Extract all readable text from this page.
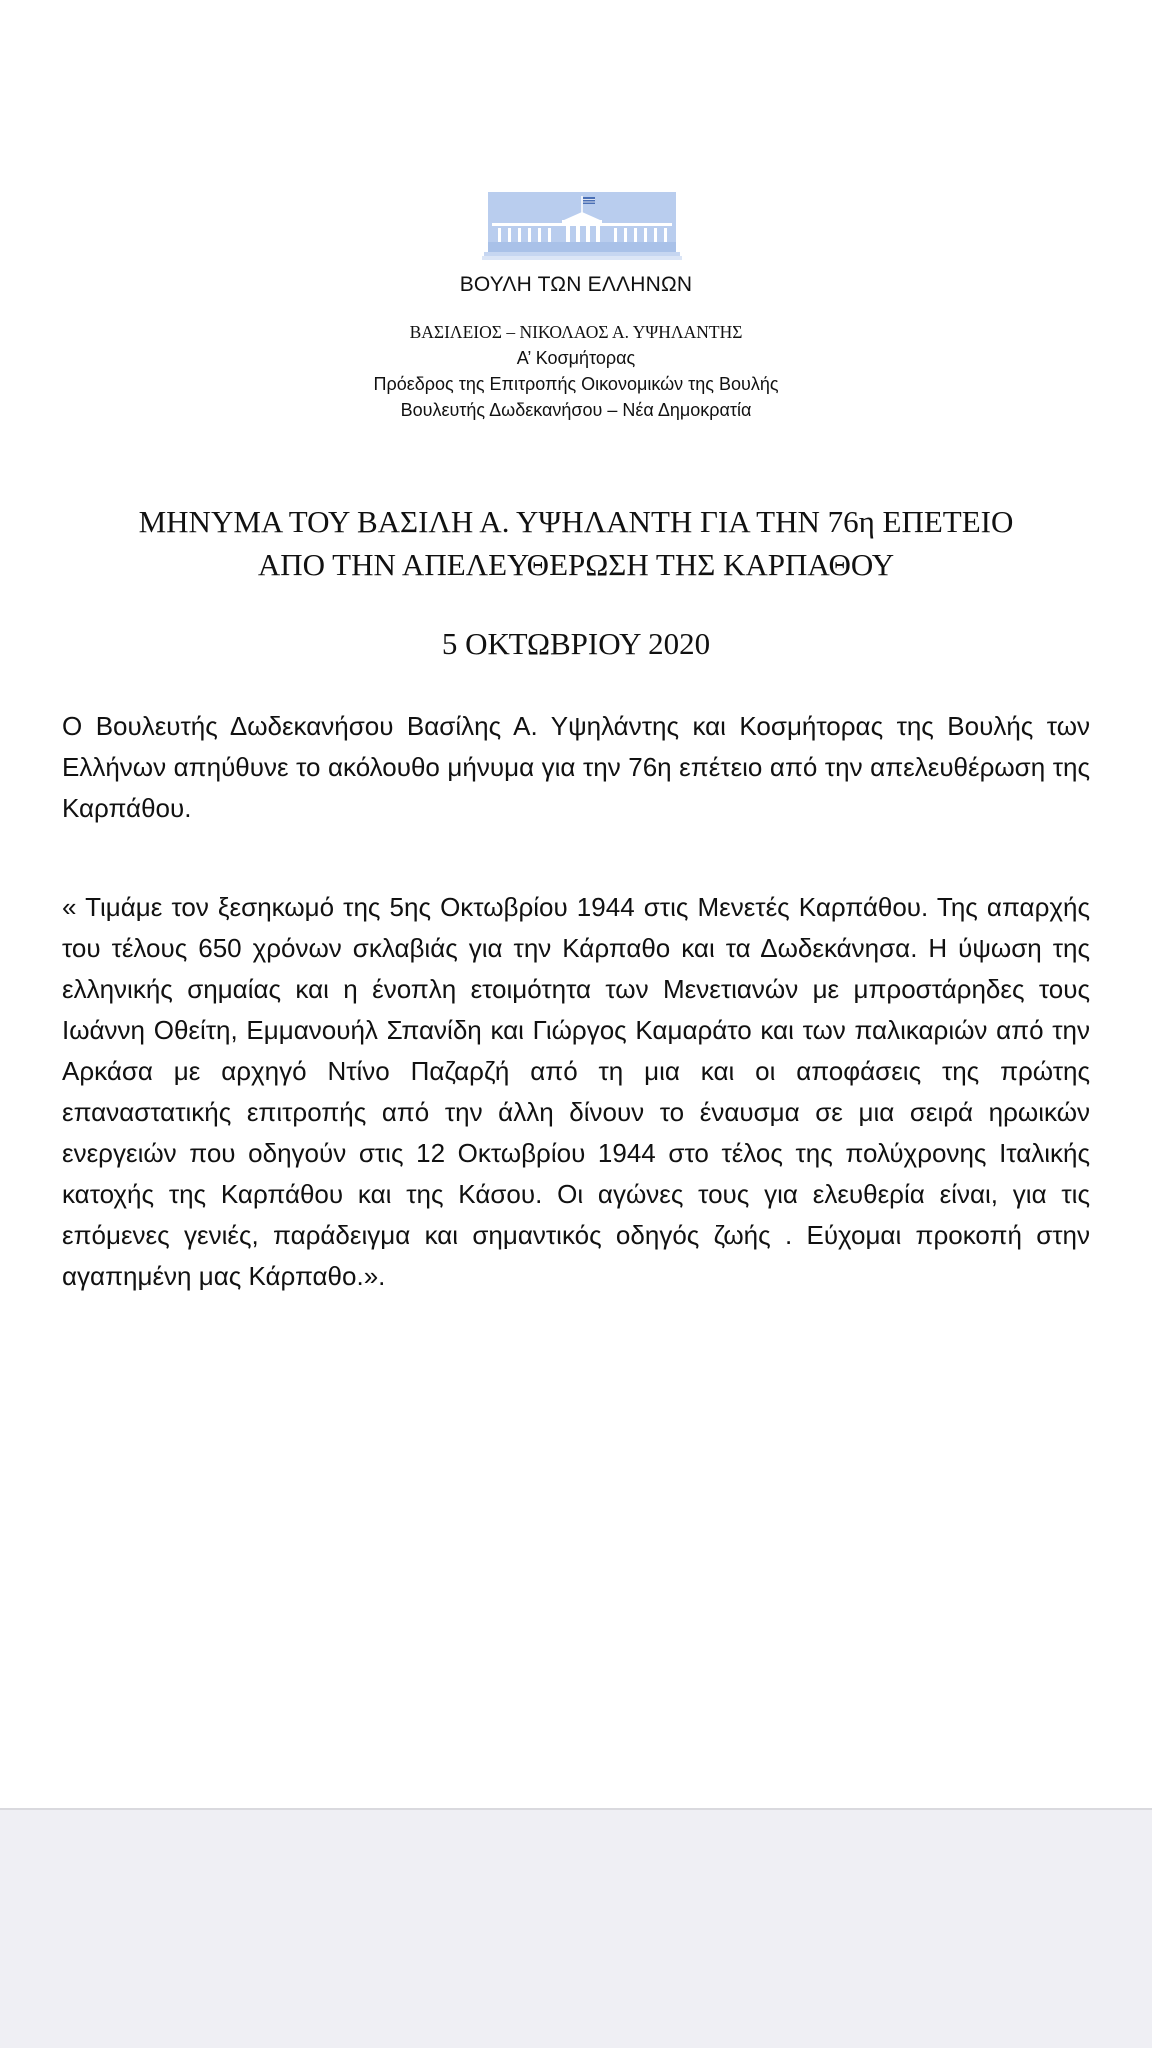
ΒΟΥΛΗ ΤΩΝ ΕΛΛΗΝΩΝ
ΒΑΣΙΛΕΙΟΣ – ΝΙΚΟΛΑΟΣ Α. ΥΨΗΛΑΝΤΗΣ
Α’ Κοσμήτορας
Πρόεδρος της Επιτροπής Οικονομικών της Βουλής
Βουλευτής Δωδεκανήσου – Νέα Δημοκρατία
ΜΗΝΥΜΑ ΤΟΥ ΒΑΣΙΛΗ Α. ΥΨΗΛΑΝΤΗ ΓΙΑ ΤΗΝ 76η ΕΠΕΤΕΙΟ
ΑΠΟ ΤΗΝ ΑΠΕΛΕΥΘΕΡΩΣΗ ΤΗΣ ΚΑΡΠΑΘΟΥ
5 ΟΚΤΩΒΡΙΟΥ 2020
Ο Βουλευτής Δωδεκανήσου Βασίλης Α. Υψηλάντης και Κοσμήτορας της Βουλής των Ελλήνων απηύθυνε το ακόλουθο μήνυμα για την 76η επέτειο από την απελευθέρωση της Καρπάθου.
« Τιμάμε τον ξεσηκωμό της 5ης Οκτωβρίου 1944 στις Μενετές Καρπάθου. Της απαρχής του τέλους 650 χρόνων σκλαβιάς για την Κάρπαθο και τα Δωδεκάνησα. Η ύψωση της ελληνικής σημαίας και η ένοπλη ετοιμότητα των Μενετιανών με μπροστάρηδες τους Ιωάννη Οθείτη, Εμμανουήλ Σπανίδη και Γιώργος Καμαράτο και των παλικαριών από την Αρκάσα με αρχηγό Ντίνο Παζαρζή από τη μια και οι αποφάσεις της πρώτης επαναστατικής επιτροπής από την άλλη δίνουν το έναυσμα σε μια σειρά ηρωικών ενεργειών που οδηγούν στις 12 Οκτωβρίου 1944 στο τέλος της πολύχρονης Ιταλικής κατοχής της Καρπάθου και της Κάσου. Οι αγώνες τους για ελευθερία είναι, για τις επόμενες γενιές, παράδειγμα και σημαντικός οδηγός ζωής . Εύχομαι προκοπή στην αγαπημένη μας Κάρπαθο.».
